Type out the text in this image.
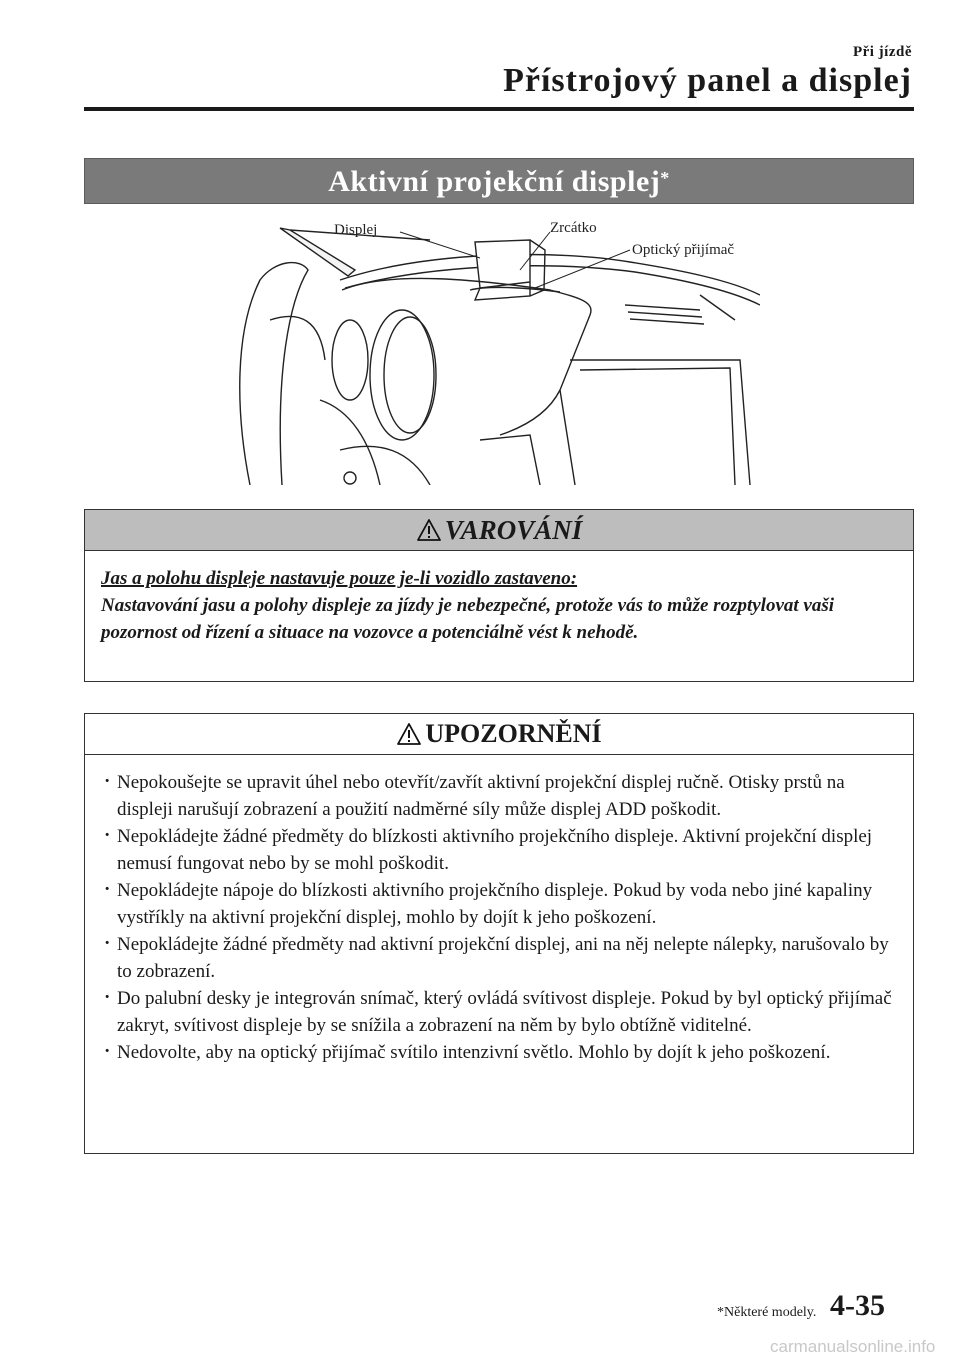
Při jízdě
Přístrojový panel a displej
Aktivní projekční displej*
Displej	Zrcátko
Optický přijímač
VAROVÁNÍ
Jas a polohu displeje nastavuje pouze je-li vozidlo zastaveno:
Nastavování jasu a polohy displeje za jízdy je nebezpečné, protože vás to může rozptylovat vaši pozornost od řízení a situace na vozovce a potenciálně vést k nehodě.
UPOZORNĚNÍ
· Nepokoušejte se upravit úhel nebo otevřít/zavřít aktivní projekční displej ručně. Otisky prstů na displeji narušují zobrazení a použití nadměrné síly může displej ADD poškodit.
· Nepokládejte žádné předměty do blízkosti aktivního projekčního displeje. Aktivní projekční displej nemusí fungovat nebo by se mohl poškodit.
· Nepokládejte nápoje do blízkosti aktivního projekčního displeje. Pokud by voda nebo jiné kapaliny vystříkly na aktivní projekční displej, mohlo by dojít k jeho poškození.
· Nepokládejte žádné předměty nad aktivní projekční displej, ani na něj nelepte nálepky, narušovalo by to zobrazení.
· Do palubní desky je integrován snímač, který ovládá svítivost displeje. Pokud by byl optický přijímač zakryt, svítivost displeje by se snížila a zobrazení na něm by bylo obtížně viditelné.
· Nedovolte, aby na optický přijímač svítilo intenzivní světlo. Mohlo by dojít k jeho poškození.
*Některé modely. 4-35
carmanualsonline.info
